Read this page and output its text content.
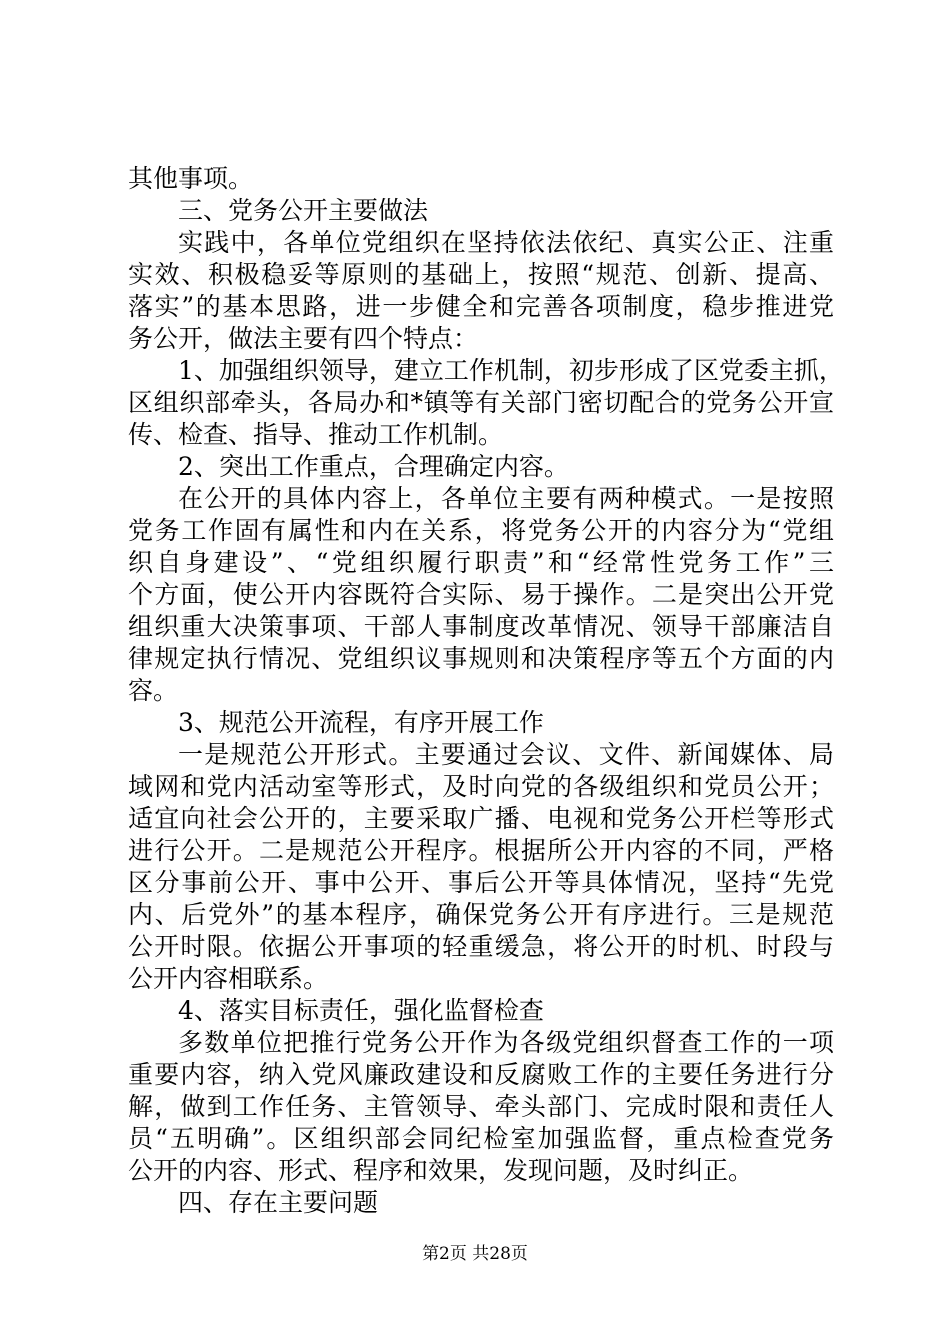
其他事项。
三、党务公开主要做法
实践中，各单位党组织在坚持依法依纪、真实公正、注重
实效、积极稳妥等原则的基础上，按照“规范、创新、提高、
落实”的基本思路，进一步健全和完善各项制度，稳步推进党
务公开，做法主要有四个特点：
1、加强组织领导，建立工作机制，初步形成了区党委主抓，
区组织部牵头，各局办和*镇等有关部门密切配合的党务公开宣
传、检查、指导、推动工作机制。
2、突出工作重点，合理确定内容。
在公开的具体内容上，各单位主要有两种模式。一是按照
党务工作固有属性和内在关系，将党务公开的内容分为“党组
织自身建设”、“党组织履行职责”和“经常性党务工作”三
个方面，使公开内容既符合实际、易于操作。二是突出公开党
组织重大决策事项、干部人事制度改革情况、领导干部廉洁自
律规定执行情况、党组织议事规则和决策程序等五个方面的内
容。
3、规范公开流程，有序开展工作
一是规范公开形式。主要通过会议、文件、新闻媒体、局
域网和党内活动室等形式，及时向党的各级组织和党员公开；
适宜向社会公开的，主要采取广播、电视和党务公开栏等形式
进行公开。二是规范公开程序。根据所公开内容的不同，严格
区分事前公开、事中公开、事后公开等具体情况，坚持“先党
内、后党外”的基本程序，确保党务公开有序进行。三是规范
公开时限。依据公开事项的轻重缓急，将公开的时机、时段与
公开内容相联系。
4、落实目标责任，强化监督检查
多数单位把推行党务公开作为各级党组织督查工作的一项
重要内容，纳入党风廉政建设和反腐败工作的主要任务进行分
解，做到工作任务、主管领导、牵头部门、完成时限和责任人
员“五明确”。区组织部会同纪检室加强监督，重点检查党务
公开的内容、形式、程序和效果，发现问题，及时纠正。
四、存在主要问题
第2页 共28页
